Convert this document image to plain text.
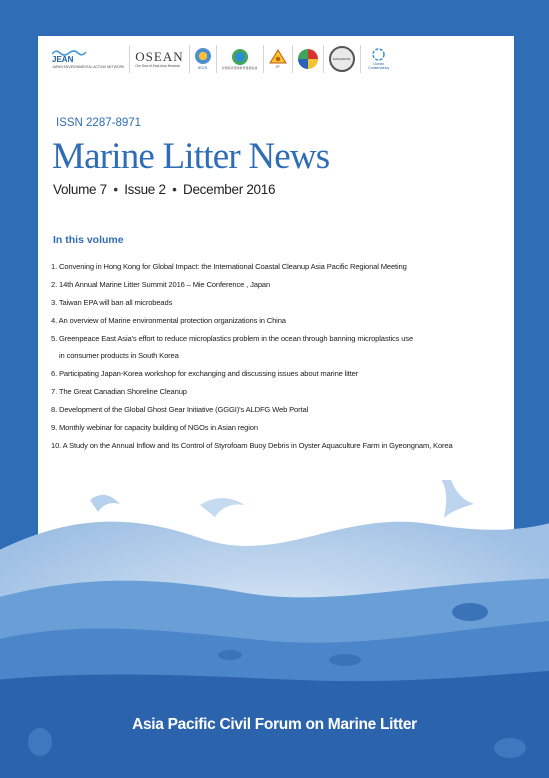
JEAN
JAPAN ENVIRONMENTAL ACTION NETWORK
OSEAN
Our Sea of East Asia Network	IKCS	台灣海洋環境教育推廣協會	JP
MANGROVE
Ocean Conservancy
ISSN 2287-8971
Marine Litter News
Volume 7 • Issue 2 • December 2016
In this volume
1. Convening in Hong Kong for Global Impact: the International Coastal Cleanup Asia Pacific Regional Meeting
2. 14th Annual Marine Litter Summit 2016 – Mie Conference , Japan
3. Taiwan EPA will ban all microbeads
4. An overview of Marine environmental protection organizations in China
5. Greenpeace East Asia's effort to reduce microplastics problem in the ocean through banning microplastics use
in consumer products in South Korea
6. Participating Japan-Korea workshop for exchanging and discussing issues about marine litter
7. The Great Canadian Shoreline Cleanup
8. Development of the Global Ghost Gear Initiative (GGGI)'s ALDFG Web Portal
9. Monthly webinar for capacity building of NGOs in Asian region
10. A Study on the Annual Inflow and Its Control of Styrofoam Buoy Debris in Oyster Aquaculture Farm in Gyeongnam, Korea
Asia Pacific Civil Forum on Marine Litter
